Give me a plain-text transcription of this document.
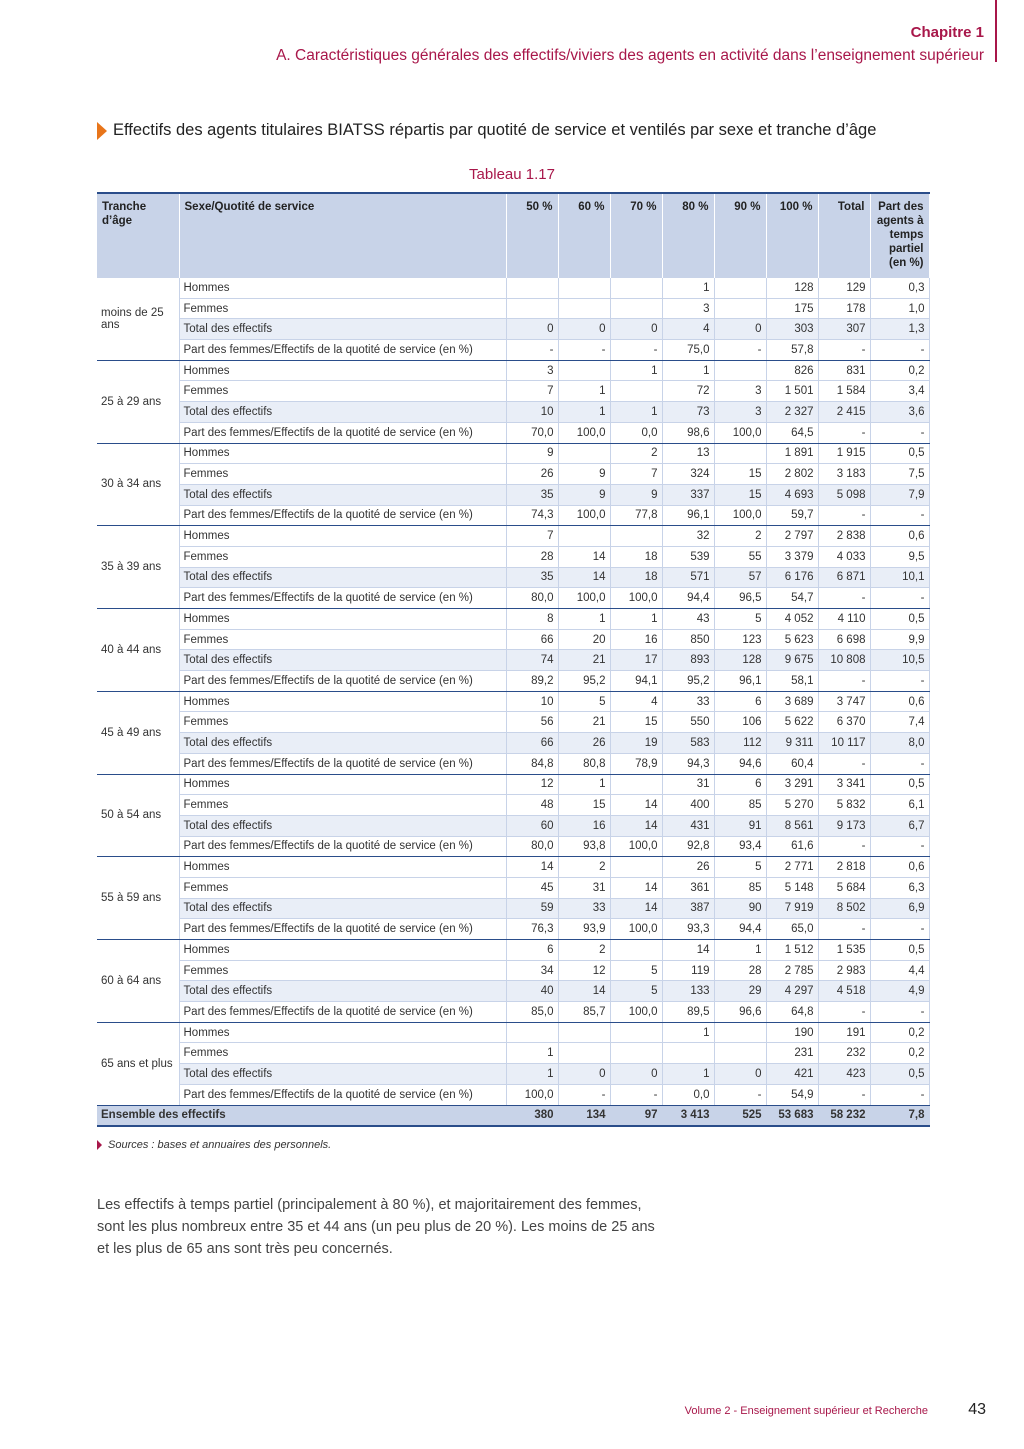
Chapitre 1
A. Caractéristiques générales des effectifs/viviers des agents en activité dans l’enseignement supérieur
Effectifs des agents titulaires BIATSS répartis par quotité de service et ventilés par sexe et tranche d’âge
Tableau 1.17
Tranche d’âge	Sexe/Quotité de service	50 %	60 %	70 %	80 %	90 %	100 %	Total	Part des agents à temps partiel (en %)
moins de 25 ans	Hommes				1		128	129	0,3
	Femmes				3		175	178	1,0
	Total des effectifs	0	0	0	4	0	303	307	1,3
	Part des femmes/Effectifs de la quotité de service (en %)	-	-	-	75,0	-	57,8	-	-
25 à 29 ans	Hommes	3		1	1		826	831	0,2
	Femmes	7	1		72	3	1 501	1 584	3,4
	Total des effectifs	10	1	1	73	3	2 327	2 415	3,6
	Part des femmes/Effectifs de la quotité de service (en %)	70,0	100,0	0,0	98,6	100,0	64,5	-	-
30 à 34 ans	Hommes	9		2	13		1 891	1 915	0,5
	Femmes	26	9	7	324	15	2 802	3 183	7,5
	Total des effectifs	35	9	9	337	15	4 693	5 098	7,9
	Part des femmes/Effectifs de la quotité de service (en %)	74,3	100,0	77,8	96,1	100,0	59,7	-	-
35 à 39 ans	Hommes	7			32	2	2 797	2 838	0,6
	Femmes	28	14	18	539	55	3 379	4 033	9,5
	Total des effectifs	35	14	18	571	57	6 176	6 871	10,1
	Part des femmes/Effectifs de la quotité de service (en %)	80,0	100,0	100,0	94,4	96,5	54,7	-	-
40 à 44 ans	Hommes	8	1	1	43	5	4 052	4 110	0,5
	Femmes	66	20	16	850	123	5 623	6 698	9,9
	Total des effectifs	74	21	17	893	128	9 675	10 808	10,5
	Part des femmes/Effectifs de la quotité de service (en %)	89,2	95,2	94,1	95,2	96,1	58,1	-	-
45 à 49 ans	Hommes	10	5	4	33	6	3 689	3 747	0,6
	Femmes	56	21	15	550	106	5 622	6 370	7,4
	Total des effectifs	66	26	19	583	112	9 311	10 117	8,0
	Part des femmes/Effectifs de la quotité de service (en %)	84,8	80,8	78,9	94,3	94,6	60,4	-	-
50 à 54 ans	Hommes	12	1		31	6	3 291	3 341	0,5
	Femmes	48	15	14	400	85	5 270	5 832	6,1
	Total des effectifs	60	16	14	431	91	8 561	9 173	6,7
	Part des femmes/Effectifs de la quotité de service (en %)	80,0	93,8	100,0	92,8	93,4	61,6	-	-
55 à 59 ans	Hommes	14	2		26	5	2 771	2 818	0,6
	Femmes	45	31	14	361	85	5 148	5 684	6,3
	Total des effectifs	59	33	14	387	90	7 919	8 502	6,9
	Part des femmes/Effectifs de la quotité de service (en %)	76,3	93,9	100,0	93,3	94,4	65,0	-	-
60 à 64 ans	Hommes	6	2		14	1	1 512	1 535	0,5
	Femmes	34	12	5	119	28	2 785	2 983	4,4
	Total des effectifs	40	14	5	133	29	4 297	4 518	4,9
	Part des femmes/Effectifs de la quotité de service (en %)	85,0	85,7	100,0	89,5	96,6	64,8	-	-
65 ans et plus	Hommes				1		190	191	0,2
	Femmes	1					231	232	0,2
	Total des effectifs	1	0	0	1	0	421	423	0,5
	Part des femmes/Effectifs de la quotité de service (en %)	100,0	-	-	0,0	-	54,9	-	-
Ensemble des effectifs		380	134	97	3 413	525	53 683	58 232	7,8
Sources : bases et annuaires des personnels.
Les effectifs à temps partiel (principalement à 80 %), et majoritairement des femmes, sont les plus nombreux entre 35 et 44 ans (un peu plus de 20 %). Les moins de 25 ans et les plus de 65 ans sont très peu concernés.
Volume 2 - Enseignement supérieur et Recherche	43
